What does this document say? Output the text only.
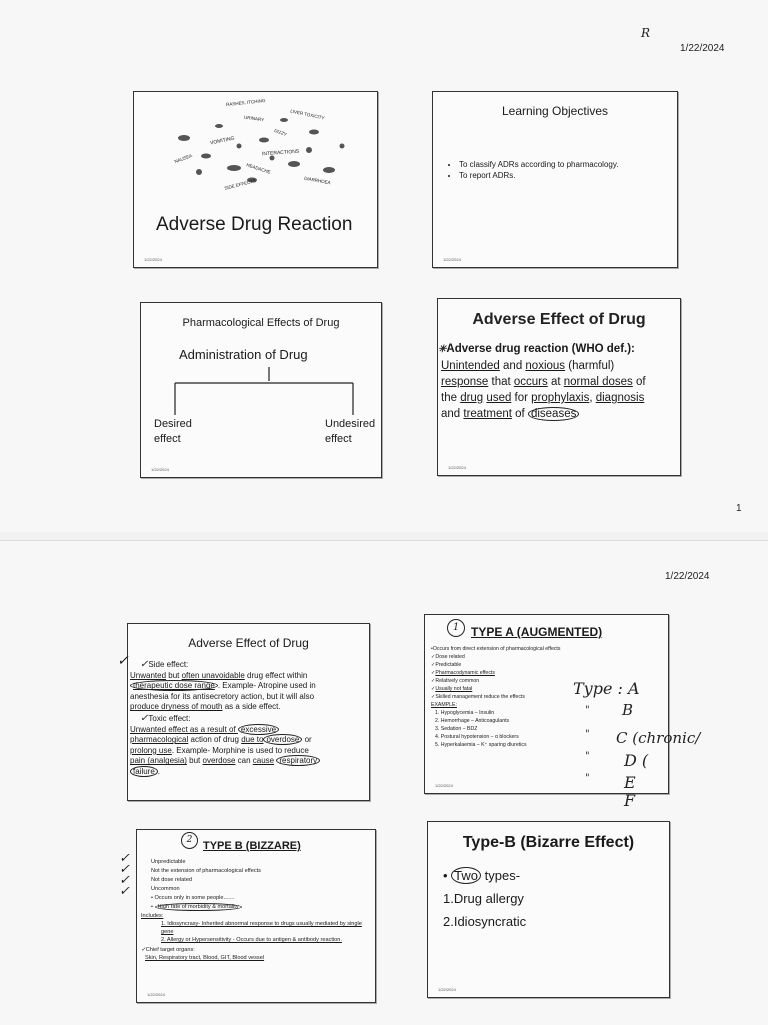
1/22/2024
R
1
RASHES, ITCHING
URINARY	LIVER TOXICITY
VOMITING
DIZZY
INTERACTIONS
HEADACHE
NAUSEA
SIDE EFFECTS	DIARRHOEA
Adverse Drug Reaction
1/22/2024
Learning Objectives
• To classify ADRs according to pharmacology.
• To report ADRs.
1/22/2024
Pharmacological Effects of Drug
Administration of Drug
Desired
effect
Undesired
effect
1/22/2024
Adverse Effect of Drug
✳Adverse drug reaction (WHO def.):
Unintended and noxious (harmful)
response that occurs at normal doses of
the drug used for prophylaxis, diagnosis
and treatment of diseases
1/22/2024
1/22/2024
Adverse Effect of Drug
✓Side effect:
Unwanted but often unavoidable drug effect within
therapeutic dose range . Example- Atropine used in
anesthesia for its antisecretory action, but it will also
produce dryness of mouth as a side effect.
✓Toxic effect:
Unwanted effect as a result of excessive
pharmacological action of drug due to overdose or
prolong use. Example- Morphine is used to reduce
pain (analgesia) but overdose can cause respiratory
failure .
✓
1 TYPE A (AUGMENTED)
•Occurs from direct extension of pharmacological effects
✓Dose related
✓Predictable
✓Pharmacodynamic effects
✓Relatively common
✓Usually not fatal
✓Skilled management reduce the effects
EXAMPLE:
1. Hypoglycemia – Insulin
2. Hemorrhage – Anticoagulants
3. Sedation – BDZ
4. Postural hypotension – α blockers
5. Hyperkalaemia – K⁺ sparing diuretics
1/22/2024
Type : A
"
"
"
"
B
C (chronic/
D (
E
F
2 TYPE B (BIZZARE)
Unpredictable
Not the extension of pharmacological effects
Not dose related
Uncommon
• Occurs only in some people.......
• High rate of morbidity & mortality
Includes:
1. Idiosyncrasy- Inherited abnormal response to drugs usually mediated by single gene
2. Allergy or Hypersensitivity - Occurs due to antigen & antibody reaction.
✓Chief target organs:
Skin, Respiratory tract, Blood, GIT, Blood vessel
1/22/2024
✓
✓
✓
✓
Type-B (Bizarre Effect)
• Two types-
1.Drug allergy
2.Idiosyncratic
1/22/2024
